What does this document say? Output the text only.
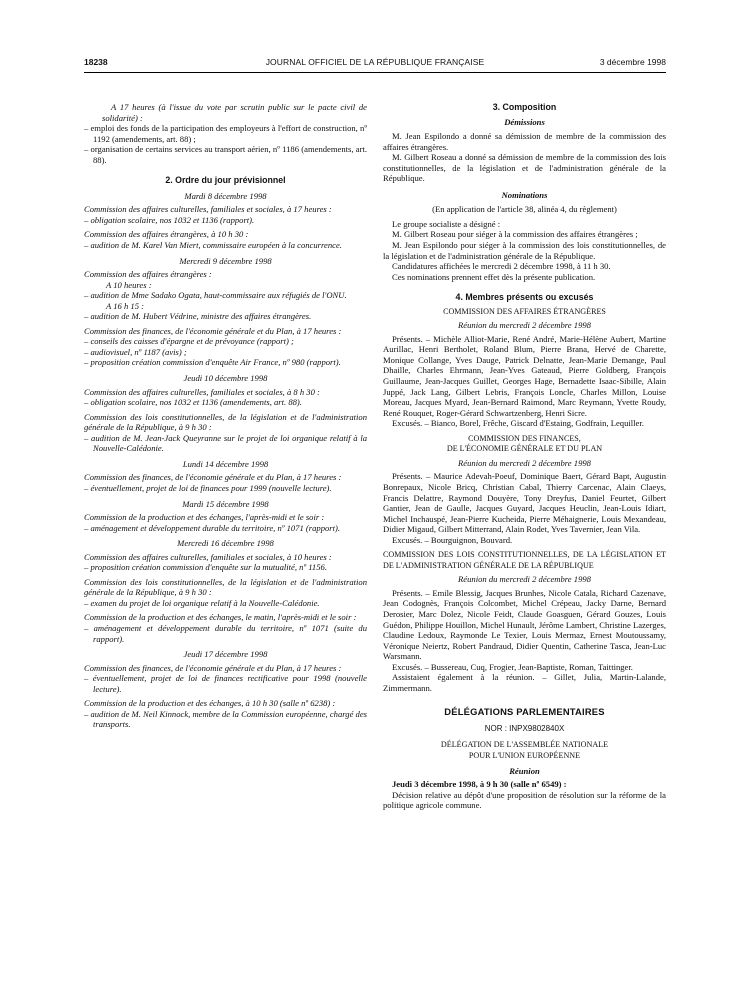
18238	JOURNAL OFFICIEL DE LA RÉPUBLIQUE FRANÇAISE	3 décembre 1998

A 17 heures (à l'issue du vote par scrutin public sur le pacte civil de solidarité) :

– emploi des fonds de la participation des employeurs à l'effort de construction, nº 1192 (amendements, art. 88) ;

– organisation de certains services au transport aérien, nº 1186 (amendements, art. 88).

2. Ordre du jour prévisionnel

Mardi 8 décembre 1998

Commission des affaires culturelles, familiales et sociales, à 17 heures :

– obligation scolaire, nos 1032 et 1136 (rapport).

Commission des affaires étrangères, à 10 h 30 :

– audition de M. Karel Van Miert, commissaire européen à la concurrence.

Mercredi 9 décembre 1998

Commission des affaires étrangères :

A 10 heures :

– audition de Mme Sadako Ogata, haut-commissaire aux réfugiés de l'ONU.

A 16 h 15 :

– audition de M. Hubert Védrine, ministre des affaires étrangères.

Commission des finances, de l'économie générale et du Plan, à 17 heures :

– conseils des caisses d'épargne et de prévoyance (rapport) ;

– audiovisuel, nº 1187 (avis) ;

– proposition création commission d'enquête Air France, nº 980 (rapport).

Jeudi 10 décembre 1998

Commission des affaires culturelles, familiales et sociales, à 8 h 30 :

– obligation scolaire, nos 1032 et 1136 (amendements, art. 88).

Commission des lois constitutionnelles, de la législation et de l'administration générale de la République, à 9 h 30 :

– audition de M. Jean-Jack Queyranne sur le projet de loi organique relatif à la Nouvelle-Calédonie.

Lundi 14 décembre 1998

Commission des finances, de l'économie générale et du Plan, à 17 heures :

– éventuellement, projet de loi de finances pour 1999 (nouvelle lecture).

Mardi 15 décembre 1998

Commission de la production et des échanges, l'après-midi et le soir :

– aménagement et développement durable du territoire, nº 1071 (rapport).

Mercredi 16 décembre 1998

Commission des affaires culturelles, familiales et sociales, à 10 heures :

– proposition création commission d'enquête sur la mutualité, nº 1156.

Commission des lois constitutionnelles, de la législation et de l'administration générale de la République, à 9 h 30 :

– examen du projet de loi organique relatif à la Nouvelle-Calédonie.

Commission de la production et des échanges, le matin, l'après-midi et le soir :

– aménagement et développement durable du territoire, nº 1071 (suite du rapport).

Jeudi 17 décembre 1998

Commission des finances, de l'économie générale et du Plan, à 17 heures :

– éventuellement, projet de loi de finances rectificative pour 1998 (nouvelle lecture).

Commission de la production et des échanges, à 10 h 30 (salle nº 6238) :

– audition de M. Neil Kinnock, membre de la Commission européenne, chargé des transports.

3. Composition

Démissions

M. Jean Espilondo a donné sa démission de membre de la commission des affaires étrangères.

M. Gilbert Roseau a donné sa démission de membre de la commission des lois constitutionnelles, de la législation et de l'administration générale de la République.

Nominations

(En application de l'article 38, alinéa 4, du règlement)

Le groupe socialiste a désigné :

M. Gilbert Roseau pour siéger à la commission des affaires étrangères ;

M. Jean Espilondo pour siéger à la commission des lois constitutionnelles, de la législation et de l'administration générale de la République.

Candidatures affichées le mercredi 2 décembre 1998, à 11 h 30.

Ces nominations prennent effet dès la présente publication.

4. Membres présents ou excusés

COMMISSION DES AFFAIRES ÉTRANGÈRES

Réunion du mercredi 2 décembre 1998

Présents. – Michèle Alliot-Marie, René André, Marie-Hélène Aubert, Martine Aurillac, Henri Bertholet, Roland Blum, Pierre Brana, Hervé de Charette, Monique Collange, Yves Dauge, Patrick Delnatte, Jean-Marie Demange, Paul Dhaille, Charles Ehrmann, Jean-Yves Gateaud, Pierre Goldberg, François Guillaume, Jean-Jacques Guillet, Georges Hage, Bernadette Isaac-Sibille, Alain Juppé, Jack Lang, Gilbert Lebris, François Loncle, Charles Millon, Louise Moreau, Jacques Myard, Jean-Bernard Raimond, Marc Reymann, Yvette Roudy, René Rouquet, Roger-Gérard Schwartzenberg, Henri Sicre.

Excusés. – Bianco, Borel, Frêche, Giscard d'Estaing, Godfrain, Lequiller.

COMMISSION DES FINANCES,

DE L'ÉCONOMIE GÉNÉRALE ET DU PLAN

Réunion du mercredi 2 décembre 1998

Présents. – Maurice Adevah-Poeuf, Dominique Baert, Gérard Bapt, Augustin Bonrepaux, Nicole Bricq, Christian Cabal, Thierry Carcenac, Alain Claeys, Francis Delattre, Raymond Douyère, Tony Dreyfus, Daniel Feurtet, Gilbert Gantier, Jean de Gaulle, Jacques Guyard, Jacques Heuclin, Jean-Louis Idiart, Michel Inchauspé, Jean-Pierre Kucheida, Pierre Méhaignerie, Louis Mexandeau, Didier Migaud, Gilbert Mitterrand, Alain Rodet, Yves Tavernier, Jean Vila.

Excusés. – Bourguignon, Bouvard.

COMMISSION DES LOIS CONSTITUTIONNELLES, DE LA LÉGISLATION ET DE L'ADMINISTRATION GÉNÉRALE DE LA RÉPUBLIQUE

Réunion du mercredi 2 décembre 1998

Présents. – Emile Blessig, Jacques Brunhes, Nicole Catala, Richard Cazenave, Jean Codognès, François Colcombet, Michel Crépeau, Jacky Darne, Bernard Derosier, Marc Dolez, Nicole Feidt, Claude Goasguen, Gérard Gouzes, Louis Guédon, Philippe Houillon, Michel Hunault, Jérôme Lambert, Christine Lazerges, Claudine Ledoux, Raymonde Le Texier, Louis Mermaz, Ernest Moutoussamy, Véronique Neiertz, Robert Pandraud, Didier Quentin, Catherine Tasca, Jean-Luc Warsmann.

Excusés. – Bussereau, Cuq, Frogier, Jean-Baptiste, Roman, Taittinger.

Assistaient également à la réunion. – Gillet, Julia, Martin-Lalande, Zimmermann.

DÉLÉGATIONS PARLEMENTAIRES

NOR : INPX9802840X

DÉLÉGATION DE L'ASSEMBLÉE NATIONALE

POUR L'UNION EUROPÉENNE

Réunion

Jeudi 3 décembre 1998, à 9 h 30 (salle nº 6549) :

Décision relative au dépôt d'une proposition de résolution sur la réforme de la politique agricole commune.
